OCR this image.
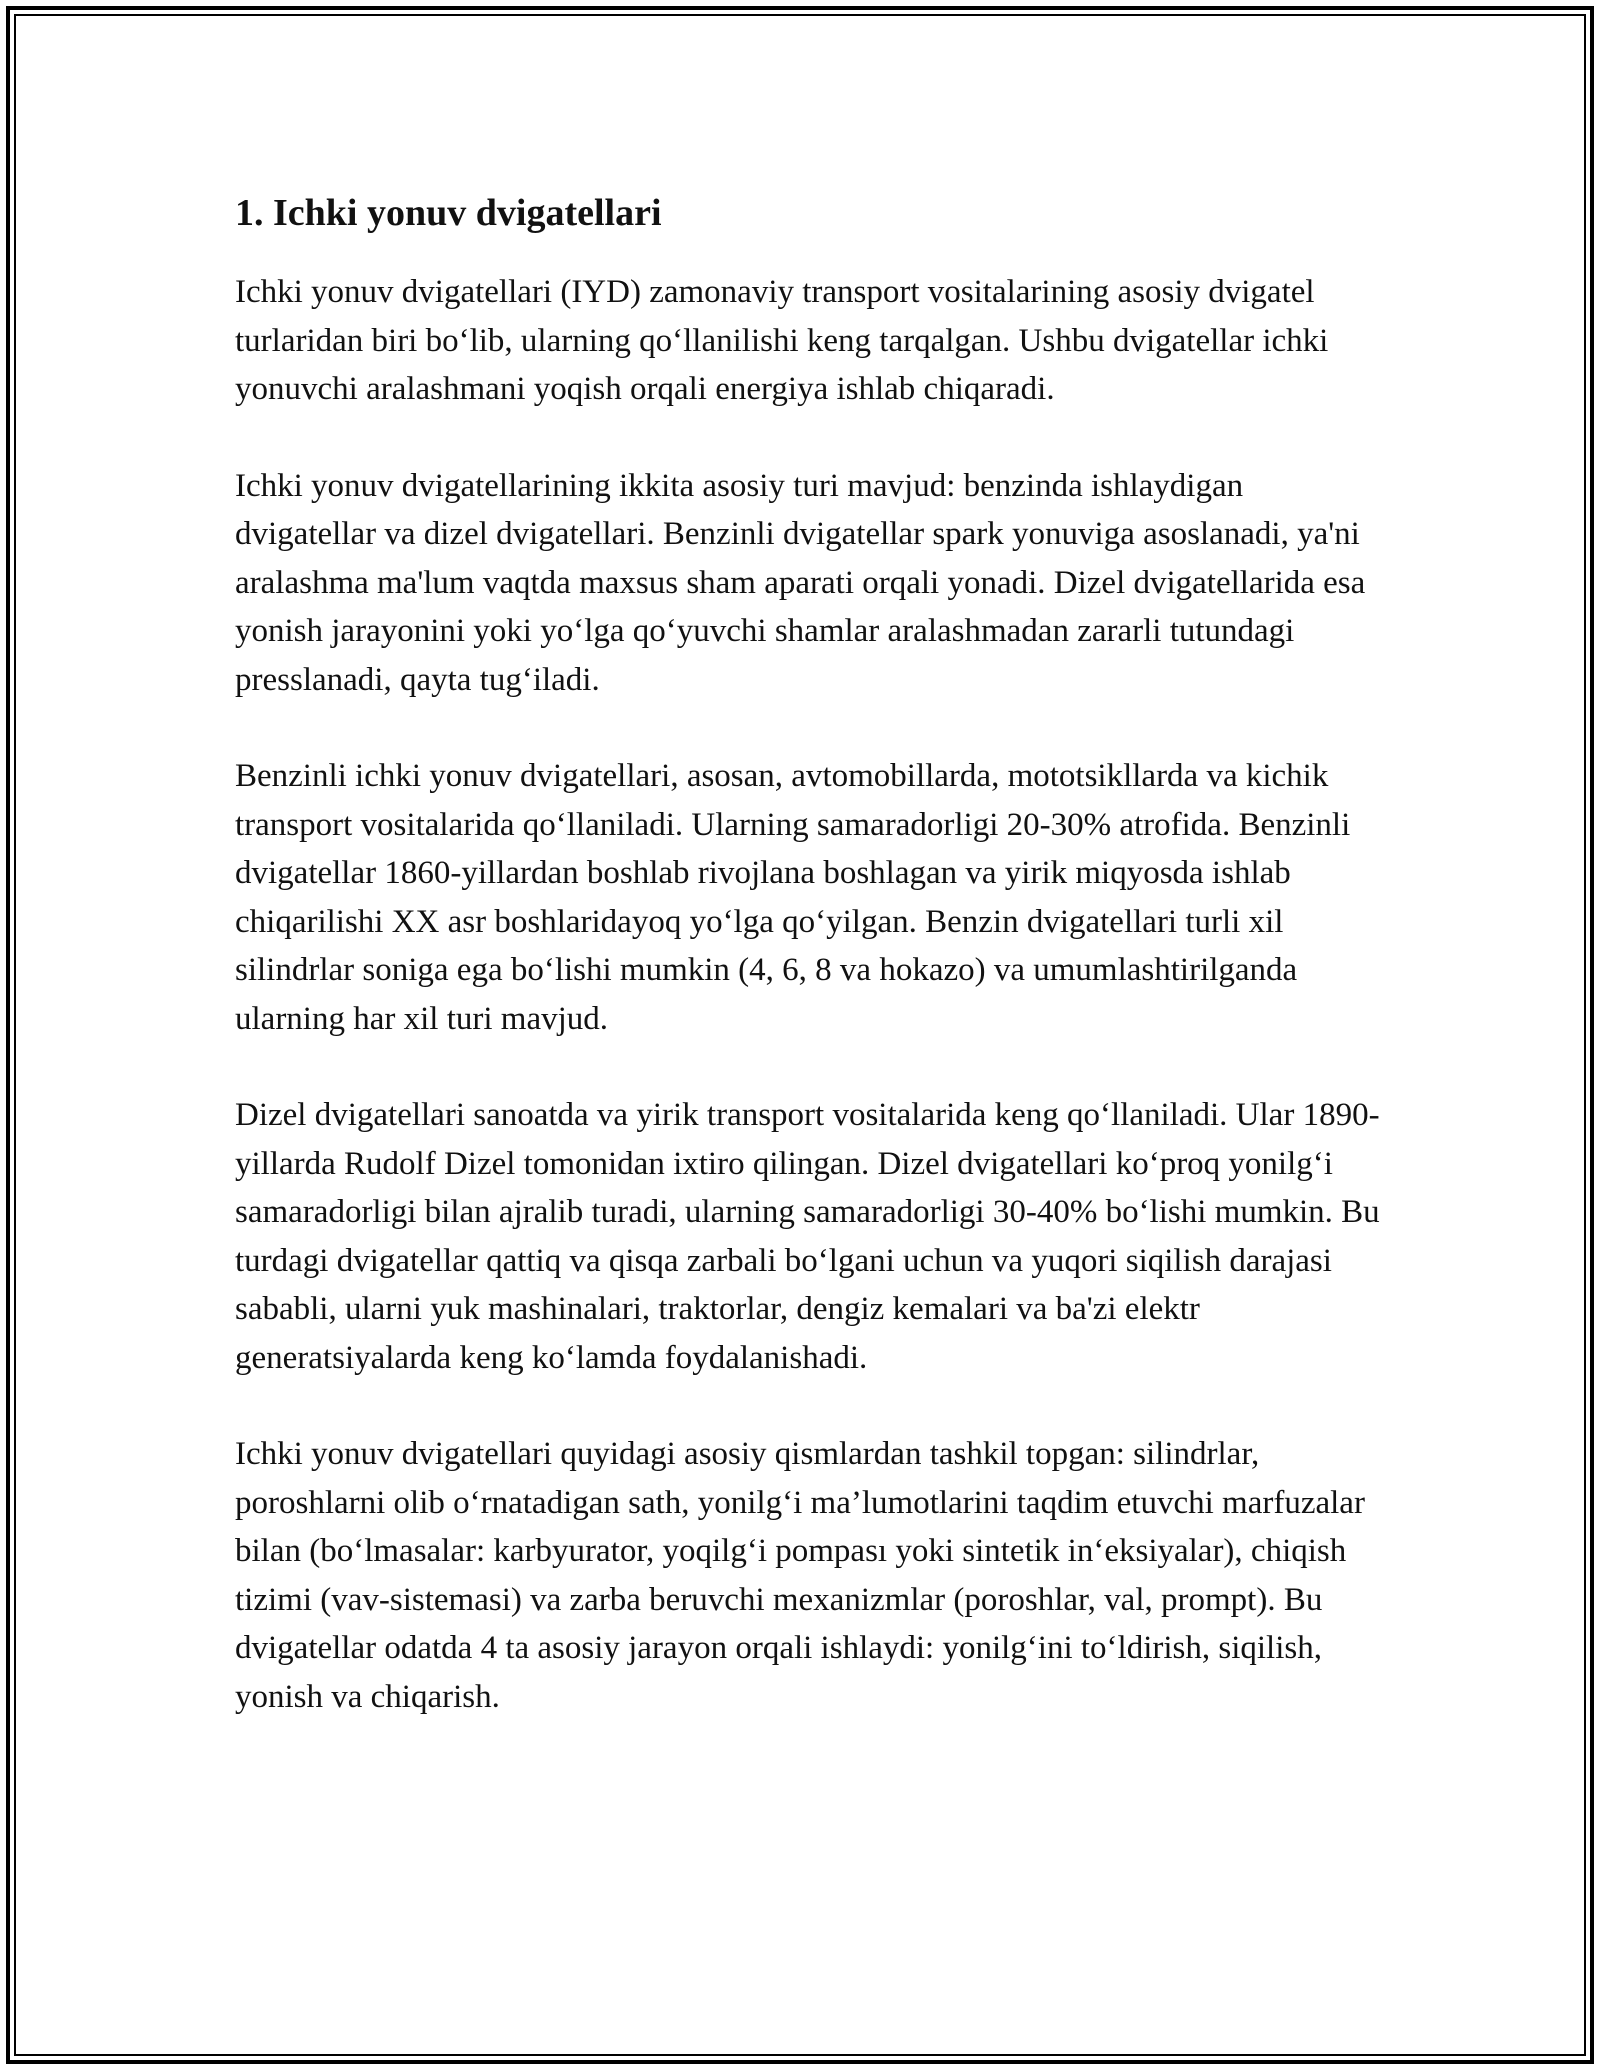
1. Ichki yonuv dvigatellari

Ichki yonuv dvigatellari (IYD) zamonaviy transport vositalarining asosiy dvigatel turlaridan biri bo‘lib, ularning qo‘llanilishi keng tarqalgan. Ushbu dvigatellar ichki yonuvchi aralashmani yoqish orqali energiya ishlab chiqaradi.

Ichki yonuv dvigatellarining ikkita asosiy turi mavjud: benzinda ishlaydigan dvigatellar va dizel dvigatellari. Benzinli dvigatellar spark yonuviga asoslanadi, ya'ni aralashma ma'lum vaqtda maxsus sham aparati orqali yonadi. Dizel dvigatellarida esa yonish jarayonini yoki yo‘lga qo‘yuvchi shamlar aralashmadan zararli tutundagi presslanadi, qayta tug‘iladi.

Benzinli ichki yonuv dvigatellari, asosan, avtomobillarda, mototsikllarda va kichik transport vositalarida qo‘llaniladi. Ularning samaradorligi 20-30% atrofida. Benzinli dvigatellar 1860-yillardan boshlab rivojlana boshlagan va yirik miqyosda ishlab chiqarilishi XX asr boshlaridayoq yo‘lga qo‘yilgan. Benzin dvigatellari turli xil silindrlar soniga ega bo‘lishi mumkin (4, 6, 8 va hokazo) va umumlashtirilganda ularning har xil turi mavjud.

Dizel dvigatellari sanoatda va yirik transport vositalarida keng qo‘llaniladi. Ular 1890-yillarda Rudolf Dizel tomonidan ixtiro qilingan. Dizel dvigatellari ko‘proq yonilg‘i samaradorligi bilan ajralib turadi, ularning samaradorligi 30-40% bo‘lishi mumkin. Bu turdagi dvigatellar qattiq va qisqa zarbali bo‘lgani uchun va yuqori siqilish darajasi sababli, ularni yuk mashinalari, traktorlar, dengiz kemalari va ba'zi elektr generatsiyalarda keng ko‘lamda foydalanishadi.

Ichki yonuv dvigatellari quyidagi asosiy qismlardan tashkil topgan: silindrlar, poroshlarni olib o‘rnatadigan sath, yonilg‘i ma’lumotlarini taqdim etuvchi marfuzalar bilan (bo‘lmasalar: karbyurator, yoqilg‘i pompası yoki sintetik in‘eksiyalar), chiqish tizimi (vav-sistemasi) va zarba beruvchi mexanizmlar (poroshlar, val, prompt). Bu dvigatellar odatda 4 ta asosiy jarayon orqali ishlaydi: yonilg‘ini to‘ldirish, siqilish, yonish va chiqarish.
